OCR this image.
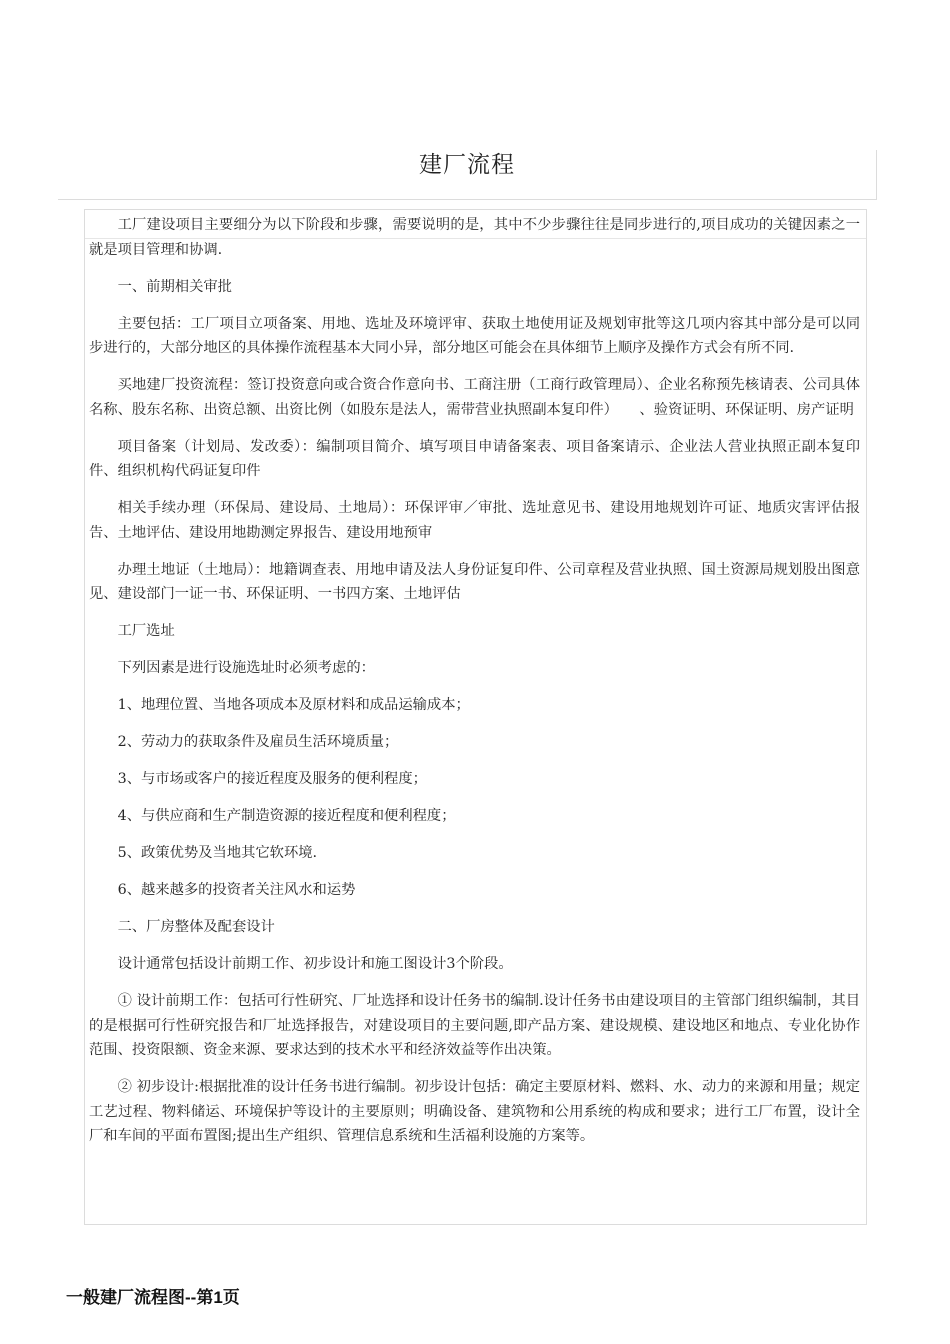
建厂流程

工厂建设项目主要细分为以下阶段和步骤，需要说明的是，其中不少步骤往往是同步进行的,项目成功的关键因素之一就是项目管理和协调.

一、前期相关审批

主要包括：工厂项目立项备案、用地、选址及环境评审、获取土地使用证及规划审批等这几项内容其中部分是可以同步进行的，大部分地区的具体操作流程基本大同小异，部分地区可能会在具体细节上顺序及操作方式会有所不同.

买地建厂投资流程：签订投资意向或合资合作意向书、工商注册（工商行政管理局）、企业名称预先核请表、公司具体名称、股东名称、出资总额、出资比例（如股东是法人，需带营业执照副本复印件）　　、验资证明、环保证明、房产证明

项目备案（计划局、发改委）：编制项目简介、填写项目申请备案表、项目备案请示、企业法人营业执照正副本复印件、组织机构代码证复印件

相关手续办理（环保局、建设局、土地局）：环保评审／审批、选址意见书、建设用地规划许可证、地质灾害评估报告、土地评估、建设用地勘测定界报告、建设用地预审

办理土地证（土地局）：地籍调查表、用地申请及法人身份证复印件、公司章程及营业执照、国土资源局规划股出图意见、建设部门一证一书、环保证明、一书四方案、土地评估

工厂选址

下列因素是进行设施选址时必须考虑的：

1、地理位置、当地各项成本及原材料和成品运输成本；

2、劳动力的获取条件及雇员生活环境质量；

3、与市场或客户的接近程度及服务的便利程度；

4、与供应商和生产制造资源的接近程度和便利程度；

5、政策优势及当地其它软环境.

6、越来越多的投资者关注风水和运势

二、厂房整体及配套设计

设计通常包括设计前期工作、初步设计和施工图设计3个阶段。

① 设计前期工作：包括可行性研究、厂址选择和设计任务书的编制.设计任务书由建设项目的主管部门组织编制，其目的是根据可行性研究报告和厂址选择报告，对建设项目的主要问题,即产品方案、建设规模、建设地区和地点、专业化协作范围、投资限额、资金来源、要求达到的技术水平和经济效益等作出决策。

② 初步设计:根据批准的设计任务书进行编制。初步设计包括：确定主要原材料、燃料、水、动力的来源和用量；规定工艺过程、物料储运、环境保护等设计的主要原则；明确设备、建筑物和公用系统的构成和要求；进行工厂布置，设计全厂和车间的平面布置图;提出生产组织、管理信息系统和生活福利设施的方案等。

一般建厂流程图--第1页
